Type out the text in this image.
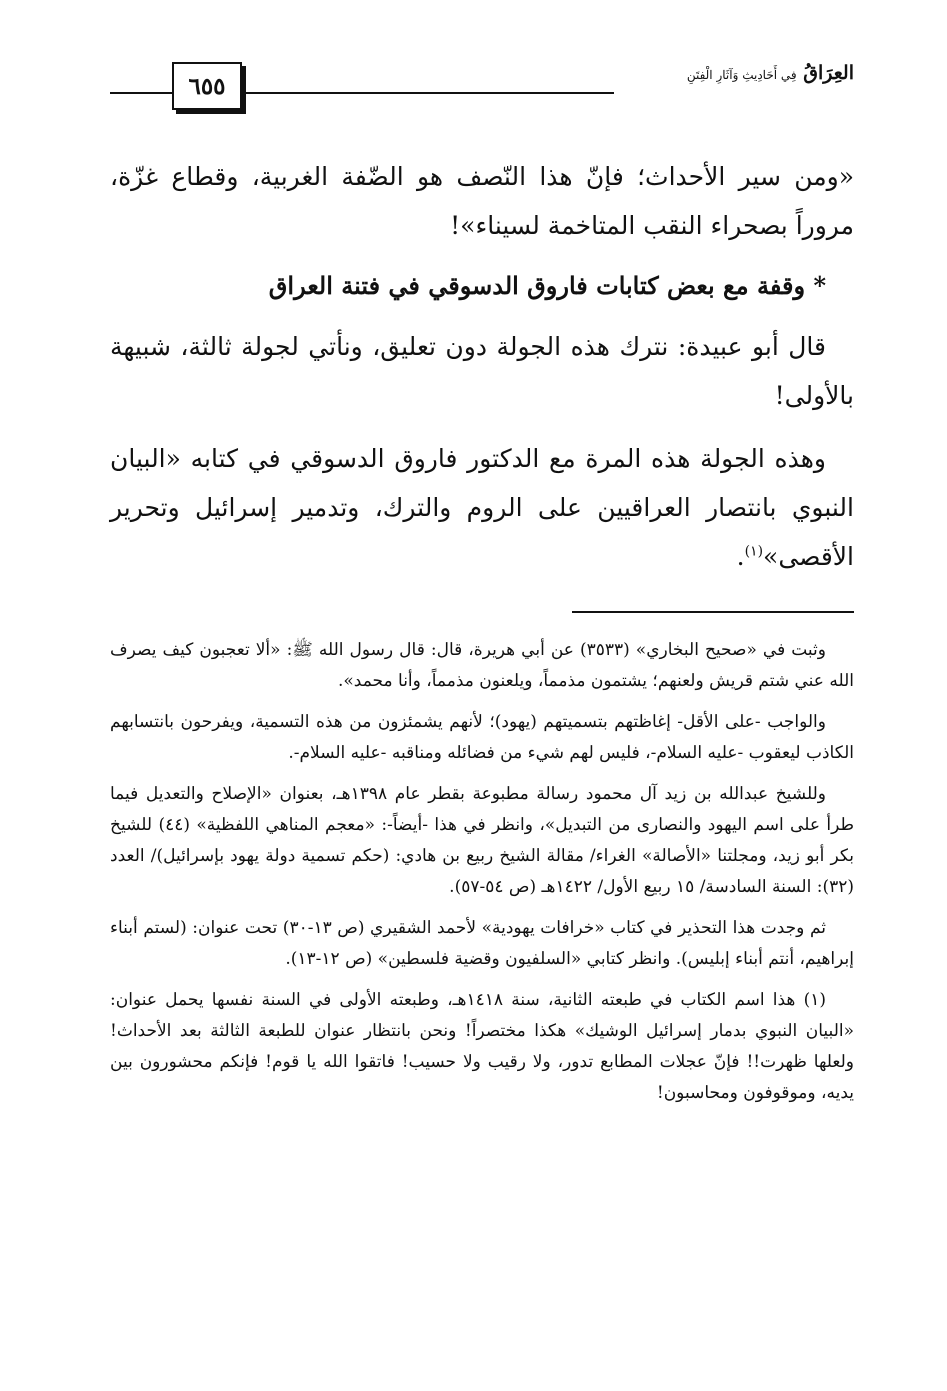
٦٥٥	العِرَاقُ فِي أَحَادِيثِ وَآثَارِ الْفِتَنِ

«ومن سير الأحداث؛ فإنّ هذا النّصف هو الضّفة الغربية، وقطاع غزّة، مروراً بصحراء النقب المتاخمة لسيناء»!

* وقفة مع بعض كتابات فاروق الدسوقي في فتنة العراق

قال أبو عبيدة: نترك هذه الجولة دون تعليق، ونأتي لجولة ثالثة، شبيهة بالأولى!

وهذه الجولة هذه المرة مع الدكتور فاروق الدسوقي في كتابه «البيان النبوي بانتصار العراقيين على الروم والترك، وتدمير إسرائيل وتحرير الأقصى»$^{(١)}$.

وثبت في «صحيح البخاري» (٣٥٣٣) عن أبي هريرة، قال: قال رسول الله ﷺ: «ألا تعجبون كيف يصرف الله عني شتم قريش ولعنهم؛ يشتمون مذمماً، ويلعنون مذمماً، وأنا محمد».

والواجب -على الأقل- إغاظتهم بتسميتهم (يهود)؛ لأنهم يشمئزون من هذه التسمية، ويفرحون بانتسابهم الكاذب ليعقوب -عليه السلام-، فليس لهم شيء من فضائله ومناقبه -عليه السلام-.

وللشيخ عبدالله بن زيد آل محمود رسالة مطبوعة بقطر عام ١٣٩٨هـ، بعنوان «الإصلاح والتعديل فيما طرأ على اسم اليهود والنصارى من التبديل»، وانظر في هذا -أيضاً-: «معجم المناهي اللفظية» (٤٤) للشيخ بكر أبو زيد، ومجلتنا «الأصالة» الغراء/ مقالة الشيخ ربيع بن هادي: (حكم تسمية دولة يهود بإسرائيل)/ العدد (٣٢): السنة السادسة/ ١٥ ربيع الأول/ ١٤٢٢هـ (ص ٥٤-٥٧).

ثم وجدت هذا التحذير في كتاب «خرافات يهودية» لأحمد الشقيري (ص ١٣-٣٠) تحت عنوان: (لستم أبناء إبراهيم، أنتم أبناء إبليس). وانظر كتابي «السلفيون وقضية فلسطين» (ص ١٢-١٣).

(١) هذا اسم الكتاب في طبعته الثانية، سنة ١٤١٨هـ، وطبعته الأولى في السنة نفسها يحمل عنوان: «البيان النبوي بدمار إسرائيل الوشيك» هكذا مختصراً! ونحن بانتظار عنوان للطبعة الثالثة بعد الأحداث! ولعلها ظهرت!! فإنّ عجلات المطابع تدور، ولا رقيب ولا حسيب! فاتقوا الله يا قوم! فإنكم محشورون بين يديه، وموقوفون ومحاسبون!
